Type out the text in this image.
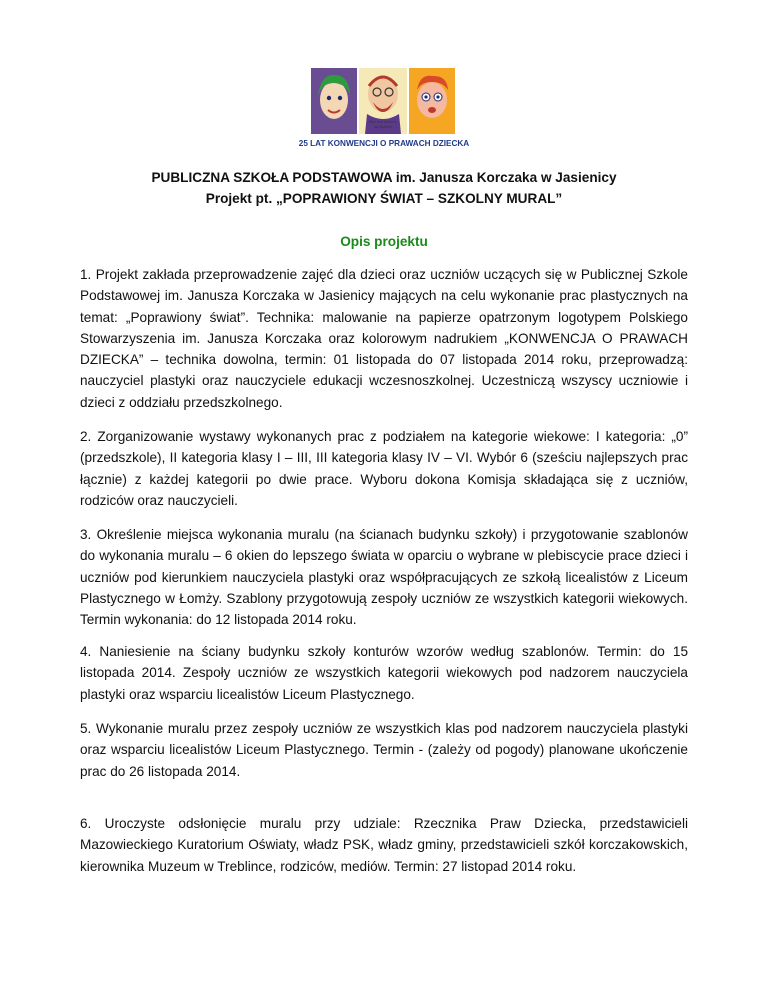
Nie ma dzieci,
są ludzie
25 LAT KONWENCJI O PRAWACH DZIECKA
PUBLICZNA SZKOŁA PODSTAWOWA im. Janusza Korczaka w Jasienicy
Projekt pt. „POPRAWIONY ŚWIAT – SZKOLNY MURAL”
Opis projektu

1. Projekt zakłada przeprowadzenie zajęć dla dzieci oraz uczniów uczących się w Publicznej Szkole Podstawowej im. Janusza Korczaka w Jasienicy mających na celu wykonanie prac plastycznych na temat: „Poprawiony świat”. Technika: malowanie na papierze opatrzonym logotypem Polskiego Stowarzyszenia im. Janusza Korczaka oraz kolorowym nadrukiem „KONWENCJA O PRAWACH DZIECKA” – technika dowolna, termin: 01 listopada do 07 listopada 2014 roku, przeprowadzą: nauczyciel plastyki oraz nauczyciele edukacji wczesnoszkolnej. Uczestniczą wszyscy uczniowie i dzieci z oddziału przedszkolnego.

2. Zorganizowanie wystawy wykonanych prac z podziałem na kategorie wiekowe: I kategoria: „0” (przedszkole), II kategoria klasy I – III, III kategoria klasy IV – VI. Wybór 6 (sześciu najlepszych prac łącznie) z każdej kategorii po dwie prace. Wyboru dokona Komisja składająca się z uczniów, rodziców oraz nauczycieli.

3. Określenie miejsca wykonania muralu (na ścianach budynku szkoły) i przygotowanie szablonów do wykonania muralu – 6 okien do lepszego świata w oparciu o wybrane w plebiscycie prace dzieci i uczniów pod kierunkiem nauczyciela plastyki oraz współpracujących ze szkołą licealistów z Liceum Plastycznego w Łomży. Szablony przygotowują zespoły uczniów ze wszystkich kategorii wiekowych. Termin wykonania: do 12 listopada 2014 roku.

4. Naniesienie na ściany budynku szkoły konturów wzorów według szablonów. Termin: do 15 listopada 2014. Zespoły uczniów ze wszystkich kategorii wiekowych pod nadzorem nauczyciela plastyki oraz wsparciu licealistów Liceum Plastycznego.

5. Wykonanie muralu przez zespoły uczniów ze wszystkich klas pod nadzorem nauczyciela plastyki oraz wsparciu licealistów Liceum Plastycznego. Termin - (zależy od pogody) planowane ukończenie prac do 26 listopada 2014.

6. Uroczyste odsłonięcie muralu przy udziale: Rzecznika Praw Dziecka, przedstawicieli Mazowieckiego Kuratorium Oświaty, władz PSK, władz gminy, przedstawicieli szkół korczakowskich, kierownika Muzeum w Treblince, rodziców, mediów. Termin: 27 listopad 2014 roku.
